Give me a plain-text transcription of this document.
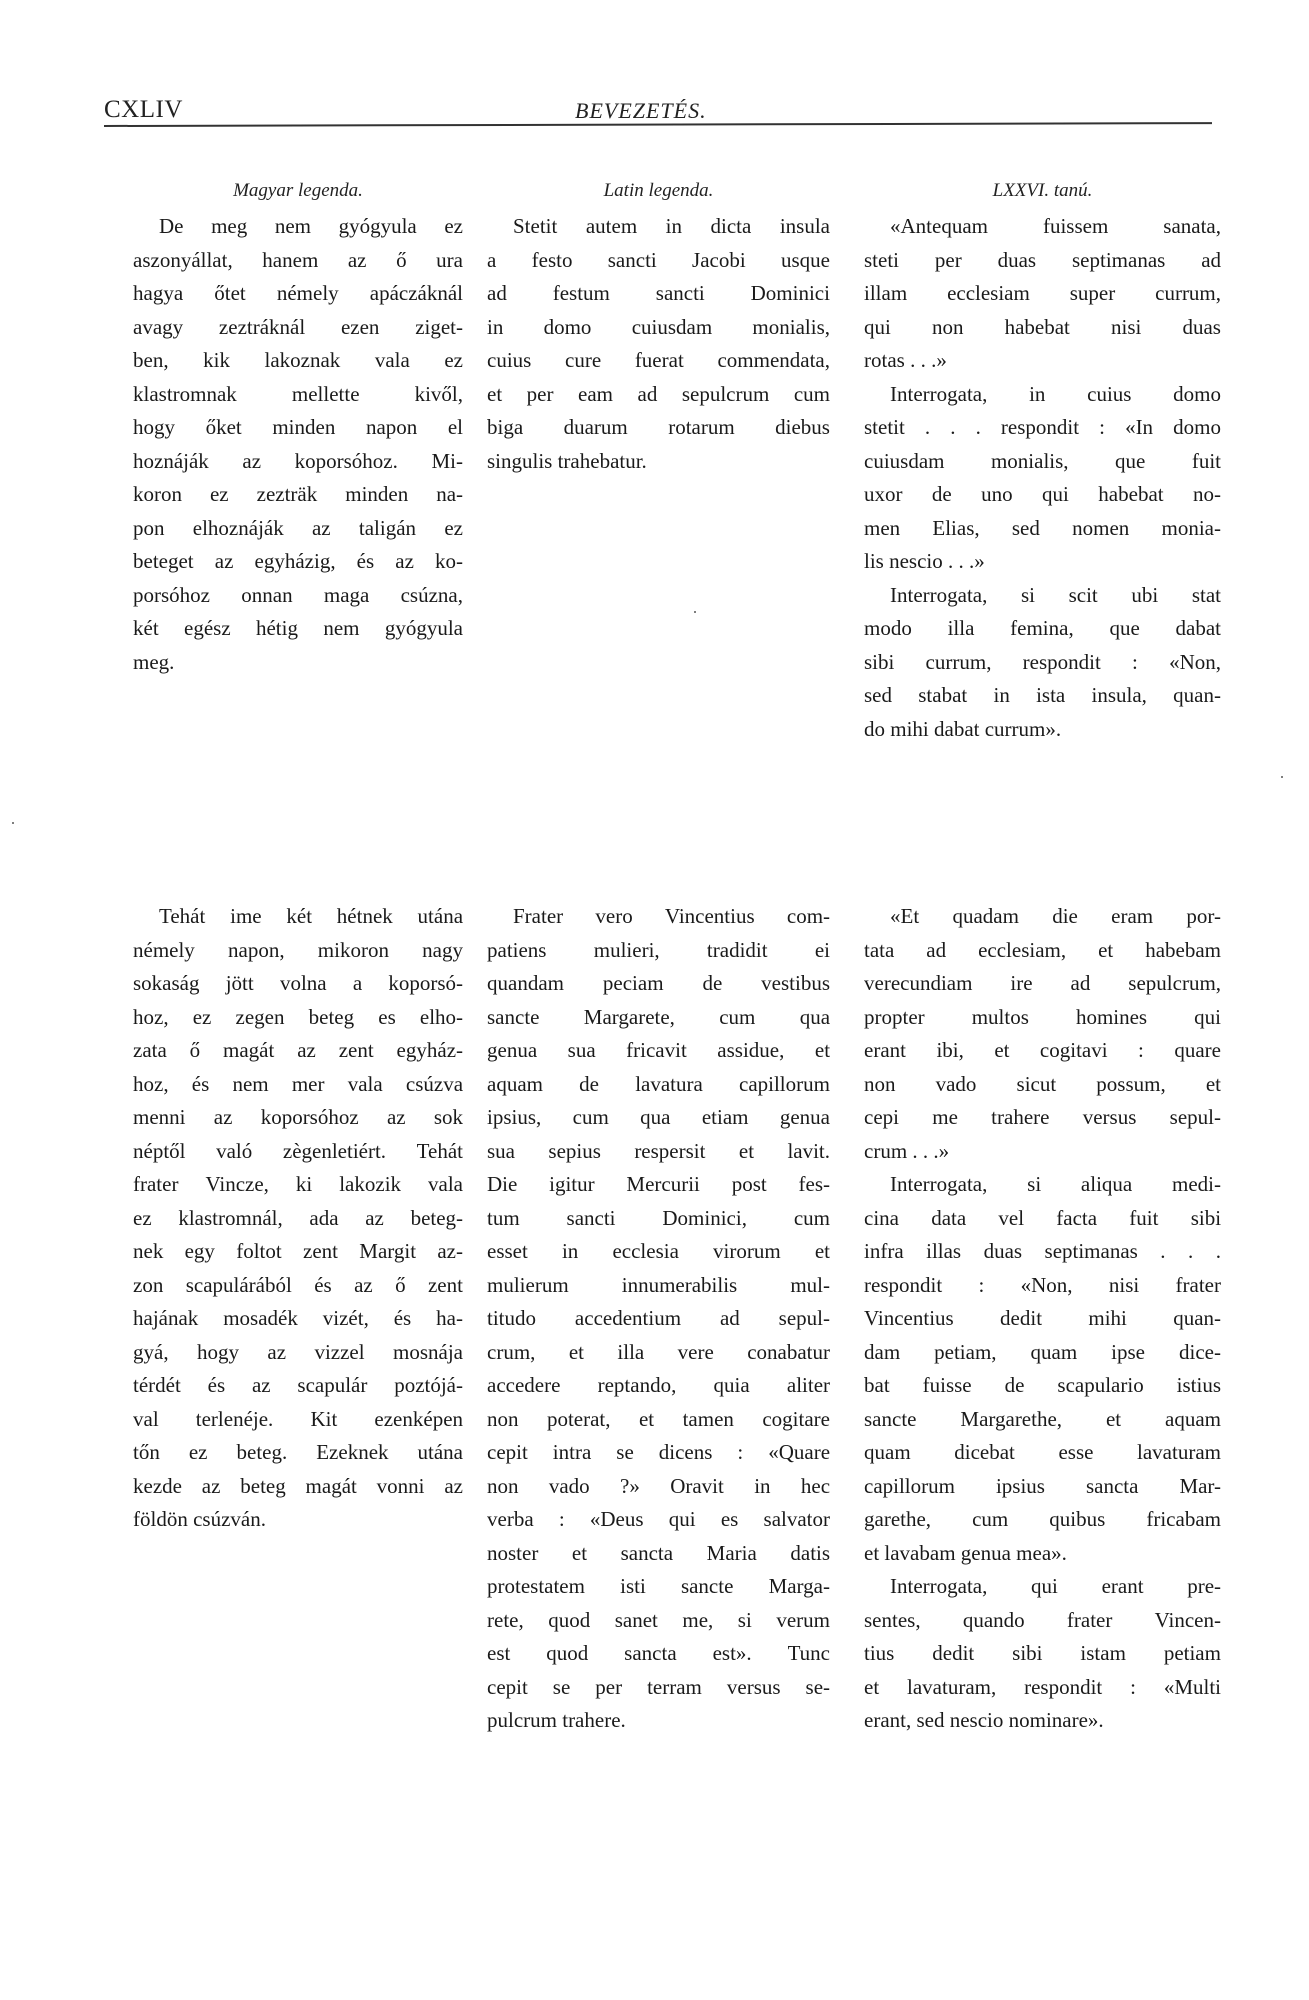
CXLIV	BEVEZETÉS.
Magyar legenda.

De meg nem gyógyula ez
aszonyállat, hanem az ő ura
hagya őtet némely apáczáknál
avagy zeztráknál ezen ziget-
ben, kik lakoznak vala ez
klastromnak	mellette	kivől,
hogy őket minden napon el
hoznáják az koporsóhoz. Mi-
koron ez zezträk minden na-
pon elhoznáják az taligán ez
beteget az egyházig, és az ko-
porsóhoz onnan maga csúzna,
két egész hétig nem gyógyula
meg.

Latin legenda.

Stetit autem in dicta insula
a festo sancti Jacobi usque
ad festum sancti Dominici
in domo cuiusdam monialis,
cuius cure fuerat commendata,
et per eam ad sepulcrum cum
biga duarum rotarum diebus
singulis trahebatur.

LXXVI. tanú.

«Antequam	fuissem	sanata,
steti per duas septimanas ad
illam ecclesiam super currum,
qui non habebat nisi duas
rotas . . .»

Interrogata, in cuius domo
stetit . . . respondit : «In domo
cuiusdam monialis, que fuit
uxor de uno qui habebat no-
men Elias, sed nomen monia-
lis nescio . . .»

Interrogata, si scit ubi stat
modo illa femina, que dabat
sibi currum, respondit : «Non,
sed stabat in ista insula, quan-
do mihi dabat currum».

Tehát ime két hétnek utána
némely napon, mikoron nagy
sokaság jött volna a koporsó-
hoz, ez zegen beteg es elho-
zata ő magát az zent egyház-
hoz, és nem mer vala csúzva
menni az koporsóhoz az sok
néptől való zègenletiért. Tehát
frater Vincze, ki lakozik vala
ez klastromnál, ada az beteg-
nek egy foltot zent Margit az-
zon scapulárából és az ő zent
hajának mosadék vizét, és ha-
gyá, hogy az vizzel mosnája
térdét és az scapulár poztójá-
val terlenéje. Kit ezenképen
tőn ez beteg. Ezeknek utána
kezde az beteg magát vonni az
földön csúzván.

Frater vero Vincentius com-
patiens mulieri, tradidit ei
quandam peciam de vestibus
sancte Margarete, cum qua
genua sua fricavit assidue, et
aquam de lavatura capillorum
ipsius, cum qua etiam genua
sua sepius respersit et lavit.
Die igitur Mercurii post fes-
tum sancti Dominici, cum
esset in ecclesia virorum et
mulierum	innumerabilis	mul-
titudo accedentium ad sepul-
crum, et illa vere conabatur
accedere reptando, quia aliter
non poterat, et tamen cogitare
cepit intra se dicens : «Quare
non vado ?» Oravit in hec
verba : «Deus qui es salvator
noster et sancta Maria datis
protestatem isti sancte Marga-
rete, quod sanet me, si verum
est quod sancta est». Tunc
cepit se per terram versus se-
pulcrum trahere.

«Et quadam die eram por-
tata ad ecclesiam, et habebam
verecundiam ire ad sepulcrum,
propter multos homines qui
erant ibi, et cogitavi : quare
non vado sicut possum, et
cepi me trahere versus sepul-
crum . . .»

Interrogata, si aliqua medi-
cina data vel facta fuit sibi
infra illas duas septimanas . . .
respondit : «Non, nisi frater
Vincentius dedit mihi quan-
dam petiam, quam ipse dice-
bat fuisse de scapulario istius
sancte Margarethe, et aquam
quam dicebat esse lavaturam
capillorum ipsius sancta Mar-
garethe, cum quibus fricabam
et lavabam genua mea».

Interrogata, qui erant pre-
sentes, quando frater Vincen-
tius dedit sibi istam petiam
et lavaturam, respondit : «Multi
erant, sed nescio nominare».
